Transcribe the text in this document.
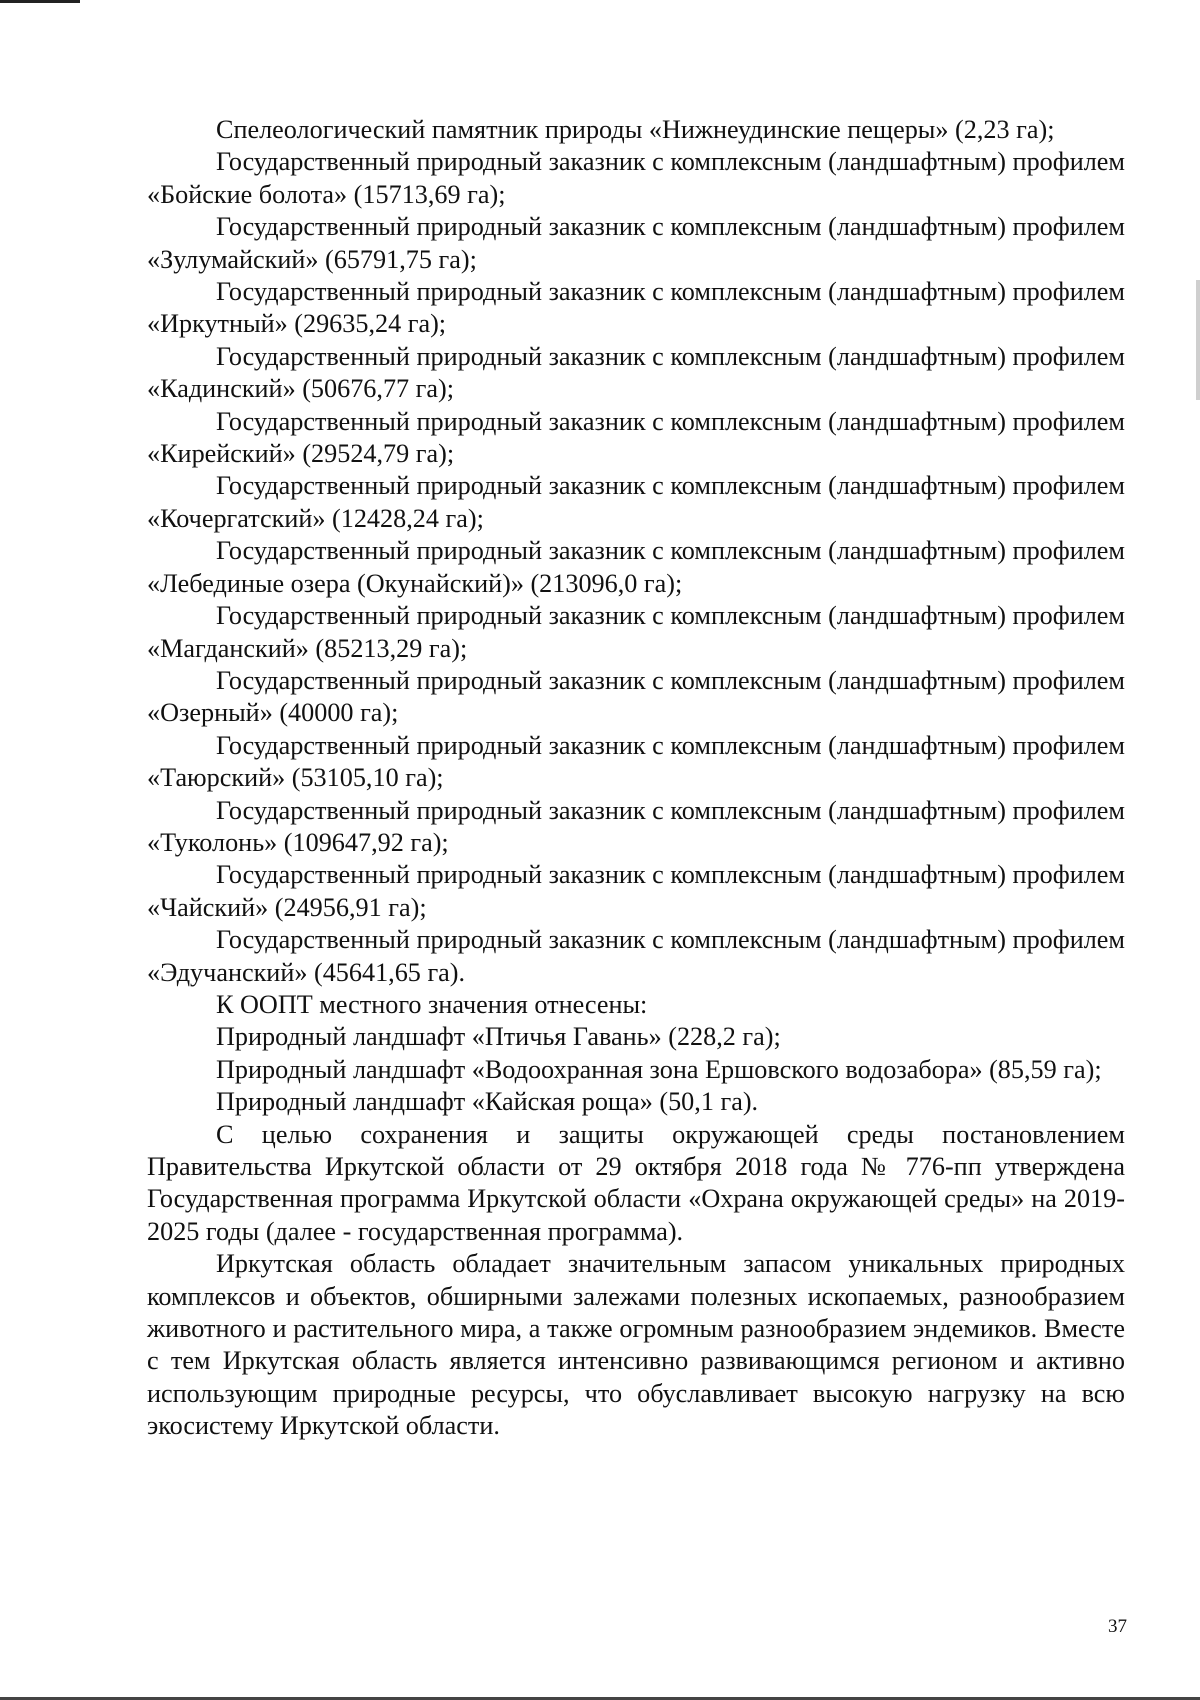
Спелеологический памятник природы «Нижнеудинские пещеры» (2,23 га);

Государственный природный заказник с комплексным (ландшафтным) профилем «Бойские болота» (15713,69 га);

Государственный природный заказник с комплексным (ландшафтным) профилем «Зулумайский» (65791,75 га);

Государственный природный заказник с комплексным (ландшафтным) профилем «Иркутный» (29635,24 га);

Государственный природный заказник с комплексным (ландшафтным) профилем «Кадинский» (50676,77 га);

Государственный природный заказник с комплексным (ландшафтным) профилем «Кирейский» (29524,79 га);

Государственный природный заказник с комплексным (ландшафтным) профилем «Кочергатский» (12428,24 га);

Государственный природный заказник с комплексным (ландшафтным) профилем «Лебединые озера (Окунайский)» (213096,0 га);

Государственный природный заказник с комплексным (ландшафтным) профилем «Магданский» (85213,29 га);

Государственный природный заказник с комплексным (ландшафтным) профилем «Озерный» (40000 га);

Государственный природный заказник с комплексным (ландшафтным) профилем «Таюрский» (53105,10 га);

Государственный природный заказник с комплексным (ландшафтным) профилем «Туколонь» (109647,92 га);

Государственный природный заказник с комплексным (ландшафтным) профилем «Чайский» (24956,91 га);

Государственный природный заказник с комплексным (ландшафтным) профилем «Эдучанский» (45641,65 га).

К ООПТ местного значения отнесены:

Природный ландшафт «Птичья Гавань» (228,2 га);

Природный ландшафт «Водоохранная зона Ершовского водозабора» (85,59 га);

Природный ландшафт «Кайская роща» (50,1 га).

С целью сохранения и защиты окружающей среды постановлением Правительства Иркутской области от 29 октября 2018 года № 776-пп утверждена Государственная программа Иркутской области «Охрана окружающей среды» на 2019-2025 годы (далее - государственная программа).

Иркутская область обладает значительным запасом уникальных природных комплексов и объектов, обширными залежами полезных ископаемых, разнообразием животного и растительного мира, а также огромным разнообразием эндемиков. Вместе с тем Иркутская область является интенсивно развивающимся регионом и активно использующим природные ресурсы, что обуславливает высокую нагрузку на всю экосистему Иркутской области.

37
